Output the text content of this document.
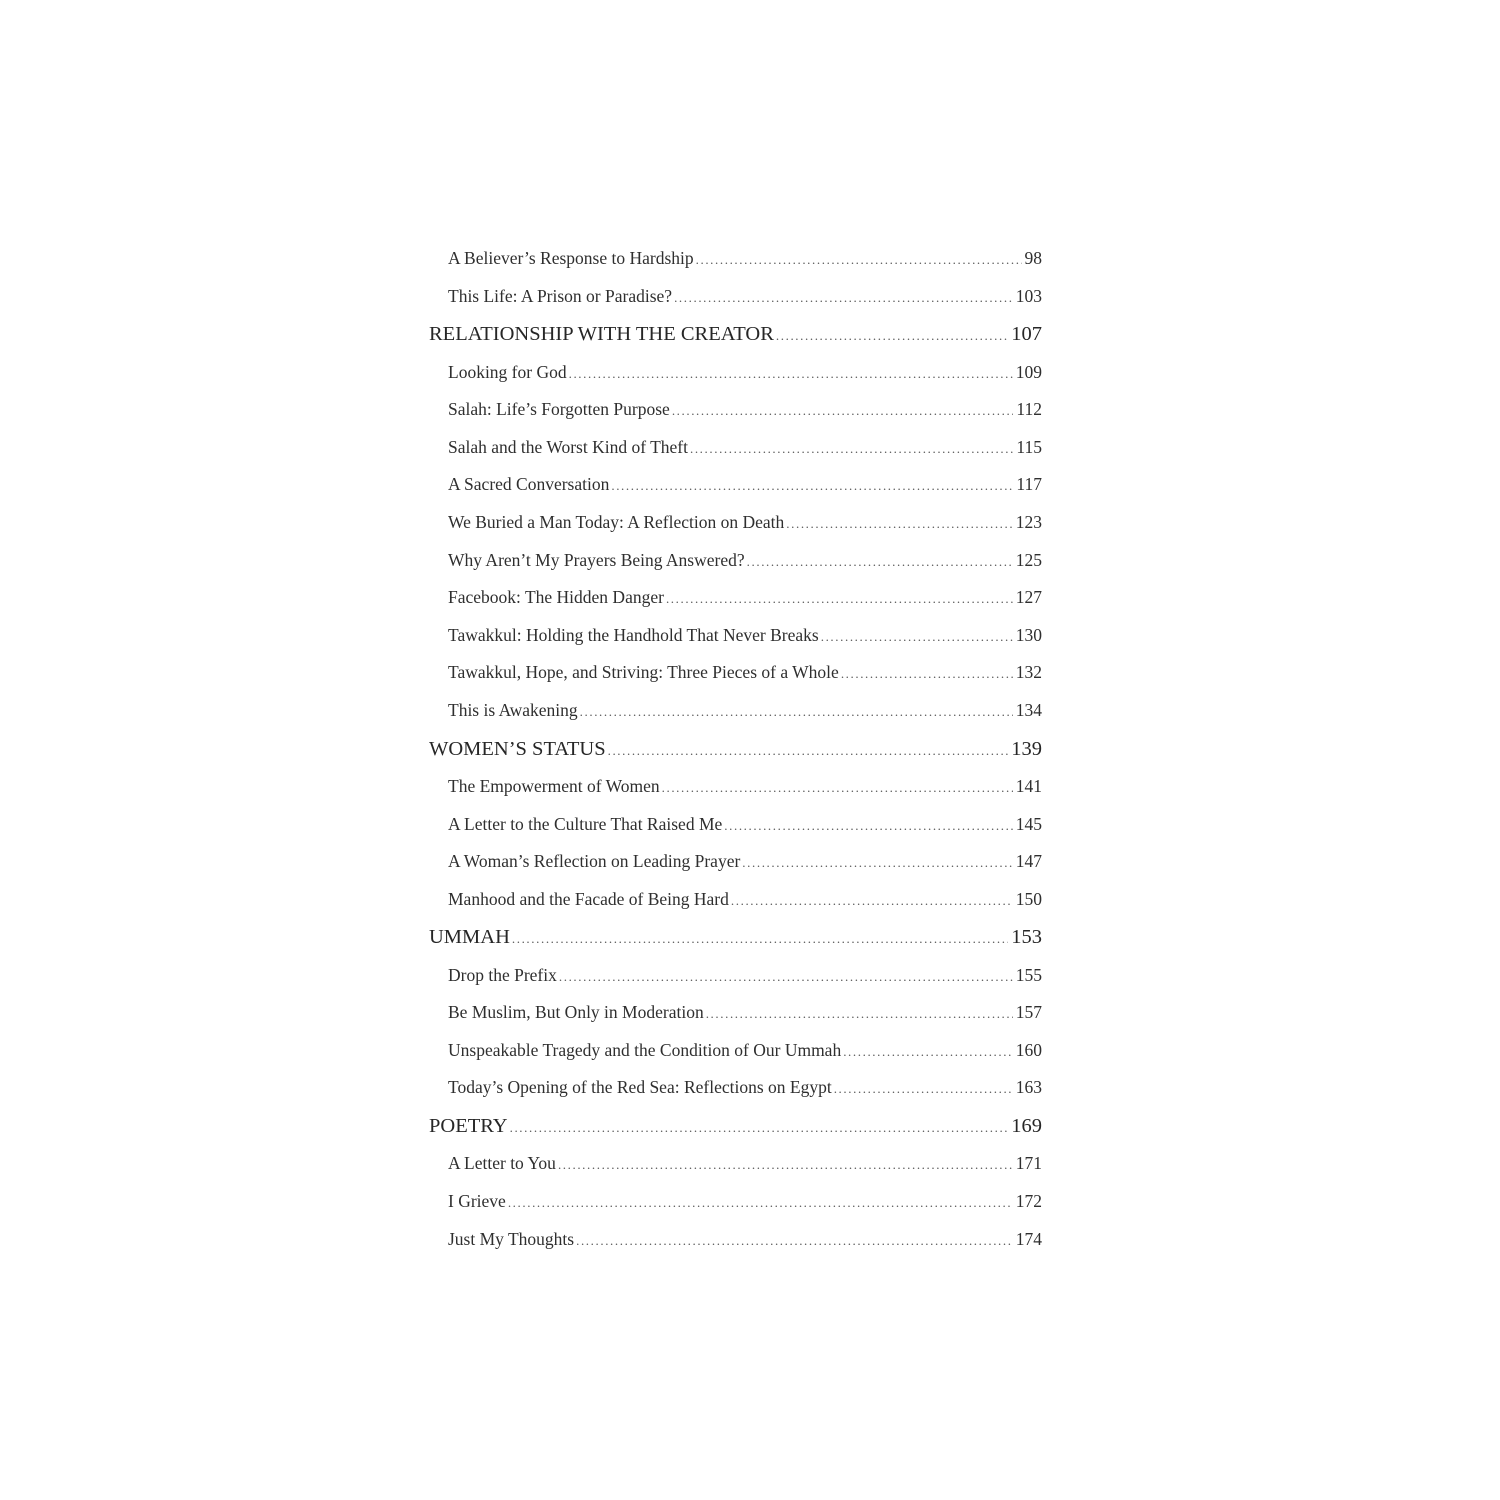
A Believer’s Response to Hardship .....	98
This Life: A Prison or Paradise? .....	103
RELATIONSHIP WITH THE CREATOR .....	107
Looking for God .....	109
Salah: Life’s Forgotten Purpose .....	112
Salah and the Worst Kind of Theft .....	115
A Sacred Conversation .....	117
We Buried a Man Today: A Reflection on Death .....	123
Why Aren’t My Prayers Being Answered? .....	125
Facebook: The Hidden Danger .....	127
Tawakkul: Holding the Handhold That Never Breaks .....	130
Tawakkul, Hope, and Striving: Three Pieces of a Whole .....	132
This is Awakening .....	134
WOMEN’S STATUS .....	139
The Empowerment of Women .....	141
A Letter to the Culture That Raised Me .....	145
A Woman’s Reflection on Leading Prayer .....	147
Manhood and the Facade of Being Hard .....	150
UMMAH .....	153
Drop the Prefix .....	155
Be Muslim, But Only in Moderation .....	157
Unspeakable Tragedy and the Condition of Our Ummah .....	160
Today’s Opening of the Red Sea: Reflections on Egypt .....	163
POETRY .....	169
A Letter to You .....	171
I Grieve .....	172
Just My Thoughts .....	174
